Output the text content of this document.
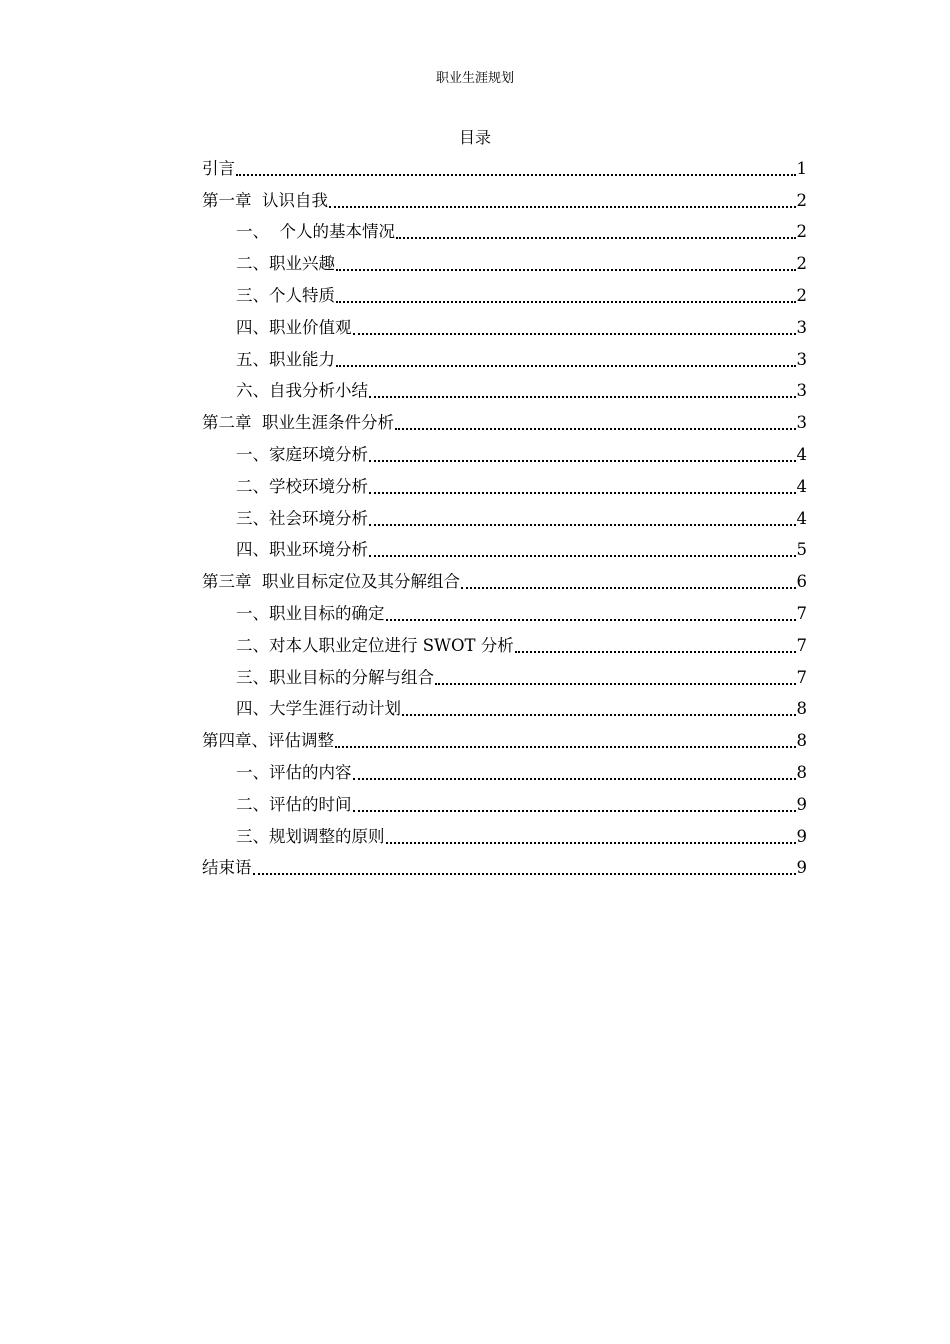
职业生涯规划
目录
引言	1
第一章  认识自我	2
一、  个人的基本情况	2
二、职业兴趣	2
三、个人特质	2
四、职业价值观	3
五、职业能力	3
六、自我分析小结	3
第二章  职业生涯条件分析	3
一、家庭环境分析	4
二、学校环境分析	4
三、社会环境分析	4
四、职业环境分析	5
第三章  职业目标定位及其分解组合	6
一、职业目标的确定	7
二、对本人职业定位进行 SWOT 分析	7
三、职业目标的分解与组合	7
四、大学生涯行动计划	8
第四章、评估调整	8
一、评估的内容	8
二、评估的时间	9
三、规划调整的原则	9
结束语	9
